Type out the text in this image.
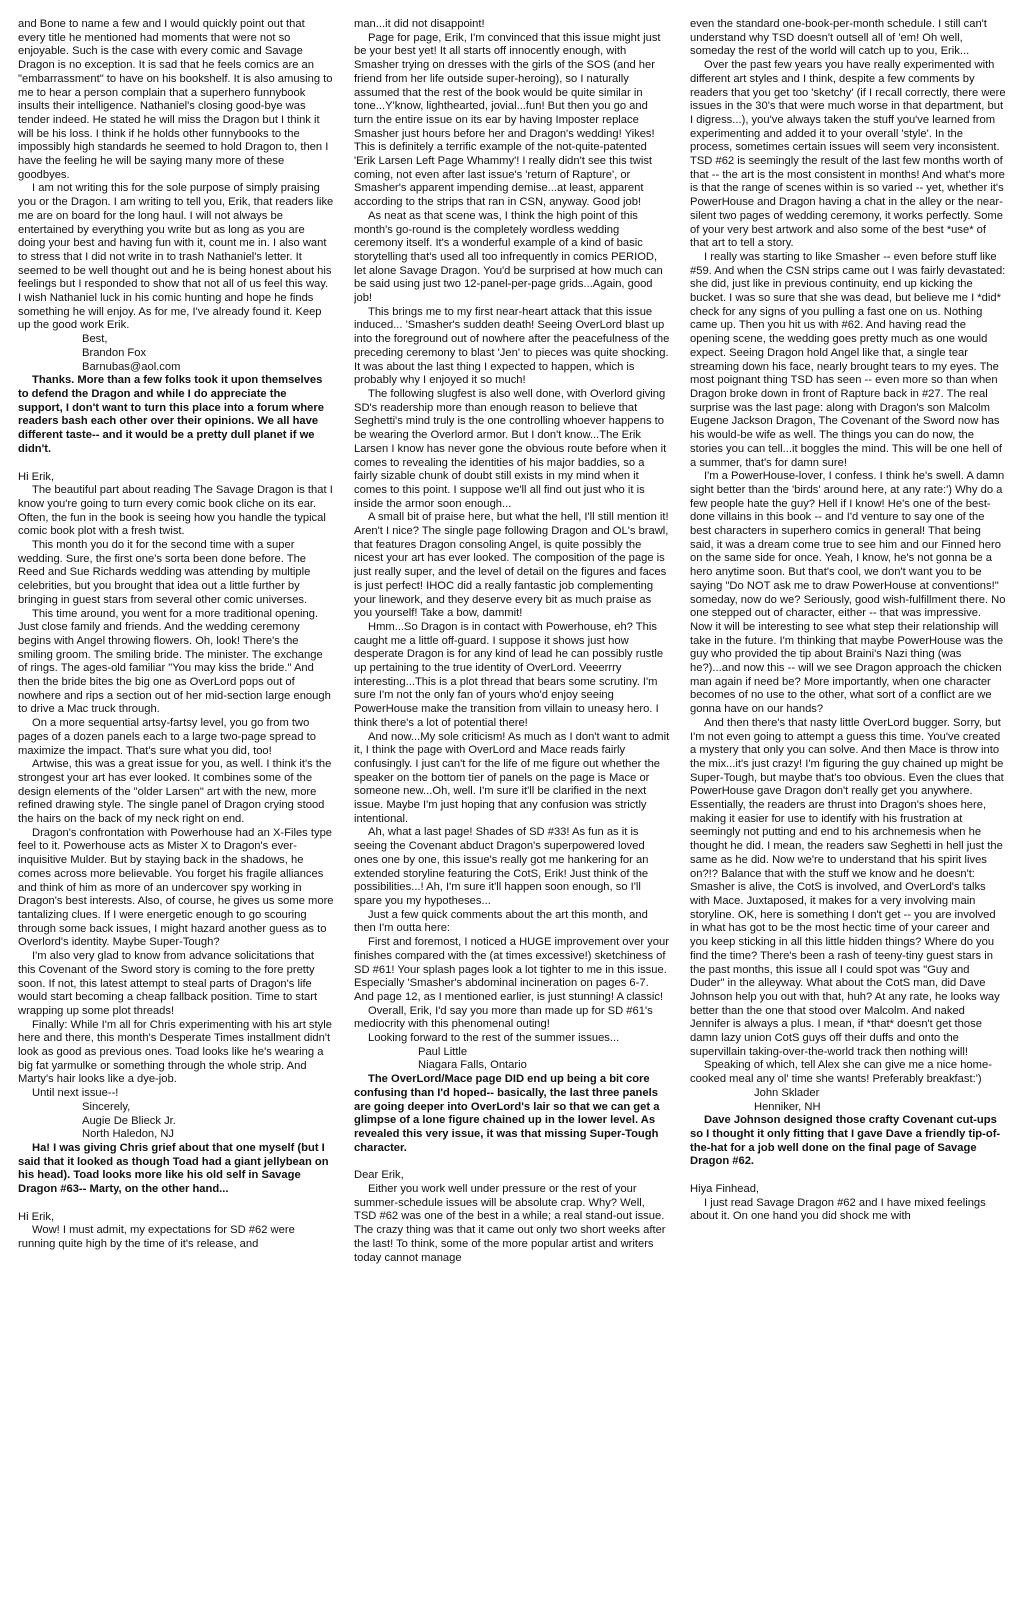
and Bone to name a few and I would quickly point out that every title he mentioned had moments that were not so enjoyable. Such is the case with every comic and Savage Dragon is no exception. It is sad that he feels comics are an "embarrassment" to have on his bookshelf. It is also amusing to me to hear a person complain that a superhero funnybook insults their intelligence. Nathaniel's closing good-bye was tender indeed. He stated he will miss the Dragon but I think it will be his loss. I think if he holds other funnybooks to the impossibly high standards he seemed to hold Dragon to, then I have the feeling he will be saying many more of these goodbyes.

I am not writing this for the sole purpose of simply praising you or the Dragon. I am writing to tell you, Erik, that readers like me are on board for the long haul. I will not always be entertained by everything you write but as long as you are doing your best and having fun with it, count me in. I also want to stress that I did not write in to trash Nathaniel's letter. It seemed to be well thought out and he is being honest about his feelings but I responded to show that not all of us feel this way. I wish Nathaniel luck in his comic hunting and hope he finds something he will enjoy. As for me, I've already found it. Keep up the good work Erik.

Best,
Brandon Fox
Barnubas@aol.com

Thanks. More than a few folks took it upon themselves to defend the Dragon and while I do appreciate the support, I don't want to turn this place into a forum where readers bash each other over their opinions. We all have different taste-- and it would be a pretty dull planet if we didn't.

Hi Erik,

The beautiful part about reading The Savage Dragon is that I know you're going to turn every comic book cliche on its ear. Often, the fun in the book is seeing how you handle the typical comic book plot with a fresh twist.

This month you do it for the second time with a super wedding. Sure, the first one's sorta been done before. The Reed and Sue Richards wedding was attending by multiple celebrities, but you brought that idea out a little further by bringing in guest stars from several other comic universes.

This time around, you went for a more traditional opening. Just close family and friends. And the wedding ceremony begins with Angel throwing flowers. Oh, look! There's the smiling groom. The smiling bride. The minister. The exchange of rings. The ages-old familiar "You may kiss the bride." And then the bride bites the big one as OverLord pops out of nowhere and rips a section out of her mid-section large enough to drive a Mac truck through.

On a more sequential artsy-fartsy level, you go from two pages of a dozen panels each to a large two-page spread to maximize the impact. That's sure what you did, too!

Artwise, this was a great issue for you, as well. I think it's the strongest your art has ever looked. It combines some of the design elements of the "older Larsen" art with the new, more refined drawing style. The single panel of Dragon crying stood the hairs on the back of my neck right on end.

Dragon's confrontation with Powerhouse had an X-Files type feel to it. Powerhouse acts as Mister X to Dragon's ever-inquisitive Mulder. But by staying back in the shadows, he comes across more believable. You forget his fragile alliances and think of him as more of an undercover spy working in Dragon's best interests. Also, of course, he gives us some more tantalizing clues. If I were energetic enough to go scouring through some back issues, I might hazard another guess as to Overlord's identity. Maybe Super-Tough?

I'm also very glad to know from advance solicitations that this Covenant of the Sword story is coming to the fore pretty soon. If not, this latest attempt to steal parts of Dragon's life would start becoming a cheap fallback position. Time to start wrapping up some plot threads!

Finally: While I'm all for Chris experimenting with his art style here and there, this month's Desperate Times installment didn't look as good as previous ones. Toad looks like he's wearing a big fat yarmulke or something through the whole strip. And Marty's hair looks like a dye-job.

Until next issue--!

Sincerely,
Augie De Blieck Jr.
North Haledon, NJ

Ha! I was giving Chris grief about that one myself (but I said that it looked as though Toad had a giant jellybean on his head). Toad looks more like his old self in Savage Dragon #63-- Marty, on the other hand...

Hi Erik,

Wow! I must admit, my expectations for SD #62 were running quite high by the time of it's release, and

man...it did not disappoint!

Page for page, Erik, I'm convinced that this issue might just be your best yet! It all starts off innocently enough, with Smasher trying on dresses with the girls of the SOS (and her friend from her life outside super-heroing), so I naturally assumed that the rest of the book would be quite similar in tone...Y'know, lighthearted, jovial...fun! But then you go and turn the entire issue on its ear by having Imposter replace Smasher just hours before her and Dragon's wedding! Yikes! This is definitely a terrific example of the not-quite-patented 'Erik Larsen Left Page Whammy'! I really didn't see this twist coming, not even after last issue's 'return of Rapture', or Smasher's apparent impending demise...at least, apparent according to the strips that ran in CSN, anyway. Good job!

As neat as that scene was, I think the high point of this month's go-round is the completely wordless wedding ceremony itself. It's a wonderful example of a kind of basic storytelling that's used all too infrequently in comics PERIOD, let alone Savage Dragon. You'd be surprised at how much can be said using just two 12-panel-per-page grids...Again, good job!

This brings me to my first near-heart attack that this issue induced... 'Smasher's sudden death! Seeing OverLord blast up into the foreground out of nowhere after the peacefulness of the preceding ceremony to blast 'Jen' to pieces was quite shocking. It was about the last thing I expected to happen, which is probably why I enjoyed it so much!

The following slugfest is also well done, with Overlord giving SD's readership more than enough reason to believe that Seghetti's mind truly is the one controlling whoever happens to be wearing the Overlord armor. But I don't know...The Erik Larsen I know has never gone the obvious route before when it comes to revealing the identities of his major baddies, so a fairly sizable chunk of doubt still exists in my mind when it comes to this point. I suppose we'll all find out just who it is inside the armor soon enough...

A small bit of praise here, but what the hell, I'll still mention it! Aren't I nice? The single page following Dragon and OL's brawl, that features Dragon consoling Angel, is quite possibly the nicest your art has ever looked. The composition of the page is just really super, and the level of detail on the figures and faces is just perfect! IHOC did a really fantastic job complementing your linework, and they deserve every bit as much praise as you yourself! Take a bow, dammit!

Hmm...So Dragon is in contact with Powerhouse, eh? This caught me a little off-guard. I suppose it shows just how desperate Dragon is for any kind of lead he can possibly rustle up pertaining to the true identity of OverLord. Veeerrry interesting...This is a plot thread that bears some scrutiny. I'm sure I'm not the only fan of yours who'd enjoy seeing PowerHouse make the transition from villain to uneasy hero. I think there's a lot of potential there!

And now...My sole criticism! As much as I don't want to admit it, I think the page with OverLord and Mace reads fairly confusingly. I just can't for the life of me figure out whether the speaker on the bottom tier of panels on the page is Mace or someone new...Oh, well. I'm sure it'll be clarified in the next issue. Maybe I'm just hoping that any confusion was strictly intentional.

Ah, what a last page! Shades of SD #33! As fun as it is seeing the Covenant abduct Dragon's superpowered loved ones one by one, this issue's really got me hankering for an extended storyline featuring the CotS, Erik! Just think of the possibilities...! Ah, I'm sure it'll happen soon enough, so I'll spare you my hypotheses...

Just a few quick comments about the art this month, and then I'm outta here:

First and foremost, I noticed a HUGE improvement over your finishes compared with the (at times excessive!) sketchiness of SD #61! Your splash pages look a lot tighter to me in this issue. Especially 'Smasher's abdominal incineration on pages 6-7. And page 12, as I mentioned earlier, is just stunning! A classic!

Overall, Erik, I'd say you more than made up for SD #61's mediocrity with this phenomenal outing!

Looking forward to the rest of the summer issues...

Paul Little
Niagara Falls, Ontario

The OverLord/Mace page DID end up being a bit core confusing than I'd hoped-- basically, the last three panels are going deeper into OverLord's lair so that we can get a glimpse of a lone figure chained up in the lower level. As revealed this very issue, it was that missing Super-Tough character.

Dear Erik,

Either you work well under pressure or the rest of your summer-schedule issues will be absolute crap. Why? Well, TSD #62 was one of the best in a while; a real stand-out issue. The crazy thing was that it came out only two short weeks after the last! To think, some of the more popular artist and writers today cannot manage

even the standard one-book-per-month schedule. I still can't understand why TSD doesn't outsell all of 'em! Oh well, someday the rest of the world will catch up to you, Erik...

Over the past few years you have really experimented with different art styles and I think, despite a few comments by readers that you get too 'sketchy' (if I recall correctly, there were issues in the 30's that were much worse in that department, but I digress...), you've always taken the stuff you've learned from experimenting and added it to your overall 'style'. In the process, sometimes certain issues will seem very inconsistent. TSD #62 is seemingly the result of the last few months worth of that -- the art is the most consistent in months! And what's more is that the range of scenes within is so varied -- yet, whether it's PowerHouse and Dragon having a chat in the alley or the near-silent two pages of wedding ceremony, it works perfectly. Some of your very best artwork and also some of the best *use* of that art to tell a story.

I really was starting to like Smasher -- even before stuff like #59. And when the CSN strips came out I was fairly devastated: she did, just like in previous continuity, end up kicking the bucket. I was so sure that she was dead, but believe me I *did* check for any signs of you pulling a fast one on us. Nothing came up. Then you hit us with #62. And having read the opening scene, the wedding goes pretty much as one would expect. Seeing Dragon hold Angel like that, a single tear streaming down his face, nearly brought tears to my eyes. The most poignant thing TSD has seen -- even more so than when Dragon broke down in front of Rapture back in #27. The real surprise was the last page: along with Dragon's son Malcolm Eugene Jackson Dragon, The Covenant of the Sword now has his would-be wife as well. The things you can do now, the stories you can tell...it boggles the mind. This will be one hell of a summer, that's for damn sure!

I'm a PowerHouse-lover, I confess. I think he's swell. A damn sight better than the 'birds' around here, at any rate:') Why do a few people hate the guy? Hell if I know! He's one of the best-done villains in this book -- and I'd venture to say one of the best characters in superhero comics in general! That being said, it was a dream come true to see him and our Finned hero on the same side for once. Yeah, I know, he's not gonna be a hero anytime soon. But that's cool, we don't want you to be saying "Do NOT ask me to draw PowerHouse at conventions!" someday, now do we? Seriously, good wish-fulfillment there. No one stepped out of character, either -- that was impressive. Now it will be interesting to see what step their relationship will take in the future. I'm thinking that maybe PowerHouse was the guy who provided the tip about Braini's Nazi thing (was he?)...and now this -- will we see Dragon approach the chicken man again if need be? More importantly, when one character becomes of no use to the other, what sort of a conflict are we gonna have on our hands?

And then there's that nasty little OverLord bugger. Sorry, but I'm not even going to attempt a guess this time. You've created a mystery that only you can solve. And then Mace is throw into the mix...it's just crazy! I'm figuring the guy chained up might be Super-Tough, but maybe that's too obvious. Even the clues that PowerHouse gave Dragon don't really get you anywhere. Essentially, the readers are thrust into Dragon's shoes here, making it easier for use to identify with his frustration at seemingly not putting and end to his archnemesis when he thought he did. I mean, the readers saw Seghetti in hell just the same as he did. Now we're to understand that his spirit lives on?!? Balance that with the stuff we know and he doesn't: Smasher is alive, the CotS is involved, and OverLord's talks with Mace. Juxtaposed, it makes for a very involving main storyline. OK, here is something I don't get -- you are involved in what has got to be the most hectic time of your career and you keep sticking in all this little hidden things? Where do you find the time? There's been a rash of teeny-tiny guest stars in the past months, this issue all I could spot was "Guy and Duder" in the alleyway. What about the CotS man, did Dave Johnson help you out with that, huh? At any rate, he looks way better than the one that stood over Malcolm. And naked Jennifer is always a plus. I mean, if *that* doesn't get those damn lazy union CotS guys off their duffs and onto the supervillain taking-over-the-world track then nothing will!

Speaking of which, tell Alex she can give me a nice home-cooked meal any ol' time she wants! Preferably breakfast:')

John Sklader
Henniker, NH

Dave Johnson designed those crafty Covenant cut-ups so I thought it only fitting that I gave Dave a friendly tip-of-the-hat for a job well done on the final page of Savage Dragon #62.

Hiya Finhead,

I just read Savage Dragon #62 and I have mixed feelings about it. On one hand you did shock me with
